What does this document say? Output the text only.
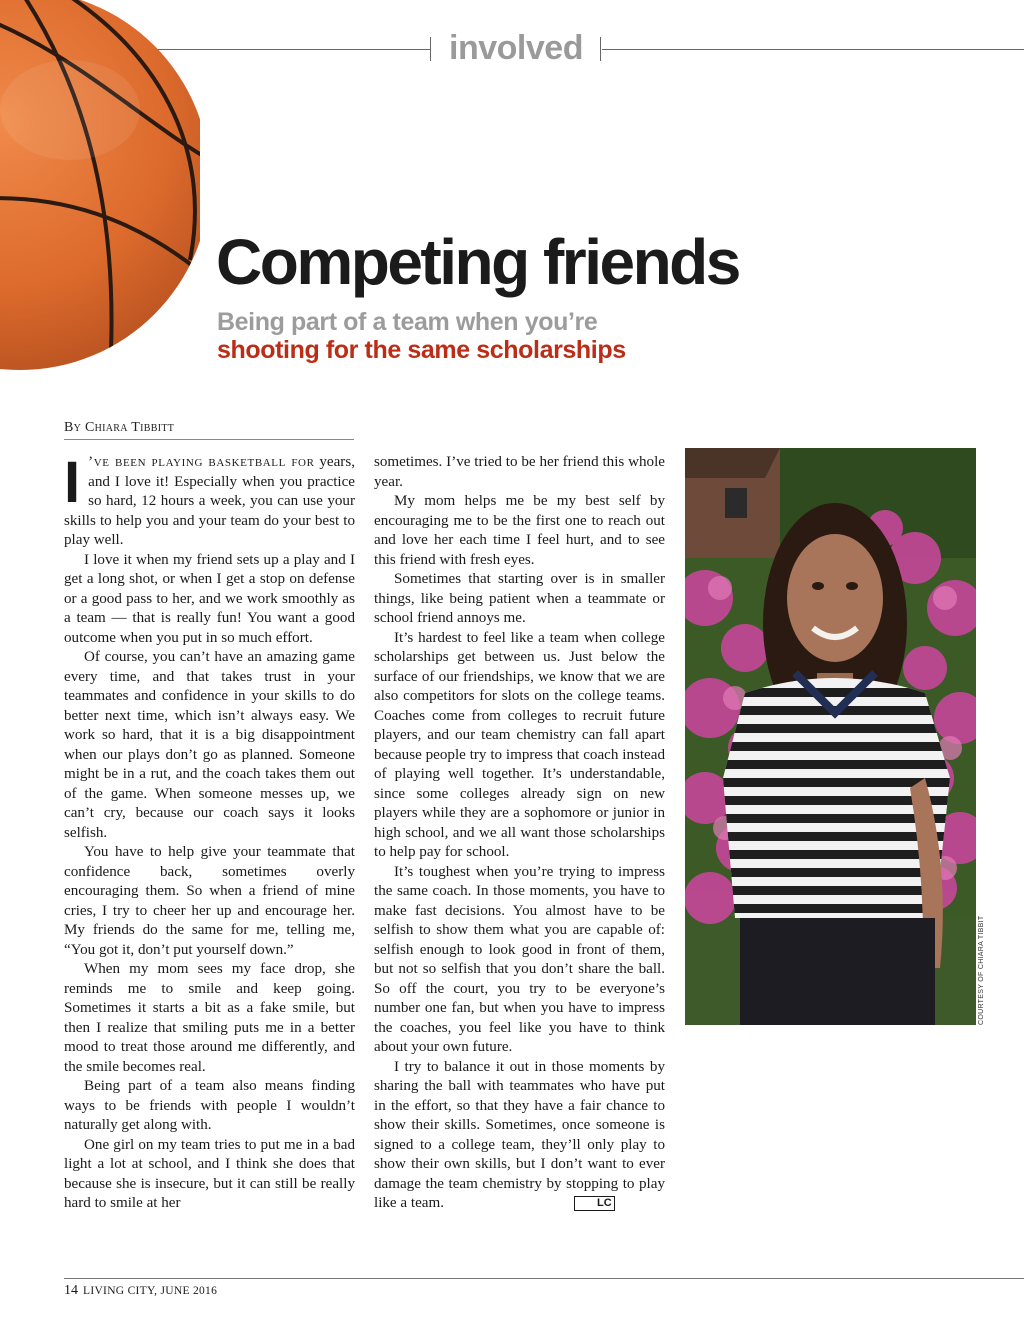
involved
Competing friends
Being part of a team when you’re
shooting for the same scholarships
By Chiara Tibbitt

I ’ve been playing basketball for years, and I love it! Especially when you practice so hard, 12 hours a week, you can use your skills to help you and your team do your best to play well.

I love it when my friend sets up a play and I get a long shot, or when I get a stop on defense or a good pass to her, and we work smoothly as a team — that is really fun! You want a good outcome when you put in so much effort.

Of course, you can’t have an amazing game every time, and that takes trust in your teammates and confidence in your skills to do better next time, which isn’t always easy. We work so hard, that it is a big disappointment when our plays don’t go as planned. Someone might be in a rut, and the coach takes them out of the game. When someone messes up, we can’t cry, because our coach says it looks selfish.

You have to help give your teammate that confidence back, sometimes overly encouraging them. So when a friend of mine cries, I try to cheer her up and encourage her. My friends do the same for me, telling me, “You got it, don’t put yourself down.”

When my mom sees my face drop, she reminds me to smile and keep going. Sometimes it starts a bit as a fake smile, but then I realize that smiling puts me in a better mood to treat those around me differently, and the smile becomes real.

Being part of a team also means finding ways to be friends with people I wouldn’t naturally get along with.

One girl on my team tries to put me in a bad light a lot at school, and I think she does that because she is insecure, but it can still be really hard to smile at her

sometimes. I’ve tried to be her friend this whole year.

My mom helps me be my best self by encouraging me to be the first one to reach out and love her each time I feel hurt, and to see this friend with fresh eyes.

Sometimes that starting over is in smaller things, like being patient when a teammate or school friend annoys me.

It’s hardest to feel like a team when college scholarships get between us. Just below the surface of our friendships, we know that we are also competitors for slots on the college teams. Coaches come from colleges to recruit future players, and our team chemistry can fall apart because people try to impress that coach instead of playing well together. It’s understandable, since some colleges already sign on new players while they are a sophomore or junior in high school, and we all want those scholarships to help pay for school.

It’s toughest when you’re trying to impress the same coach. In those moments, you have to make fast decisions. You almost have to be selfish to show them what you are capable of: selfish enough to look good in front of them, but not so selfish that you don’t share the ball. So off the court, you try to be everyone’s number one fan, but when you have to impress the coaches, you feel like you have to think about your own future.

I try to balance it out in those moments by sharing the ball with teammates who have put in the effort, so that they have a fair chance to show their skills. Sometimes, once someone is signed to a college team, they’ll only play to show their own skills, but I don’t want to ever damage the team chemistry by stopping to play like a team.	LC

COURTESY OF CHIARA TIBBIT
14 LIVING CITY, JUNE 2016
